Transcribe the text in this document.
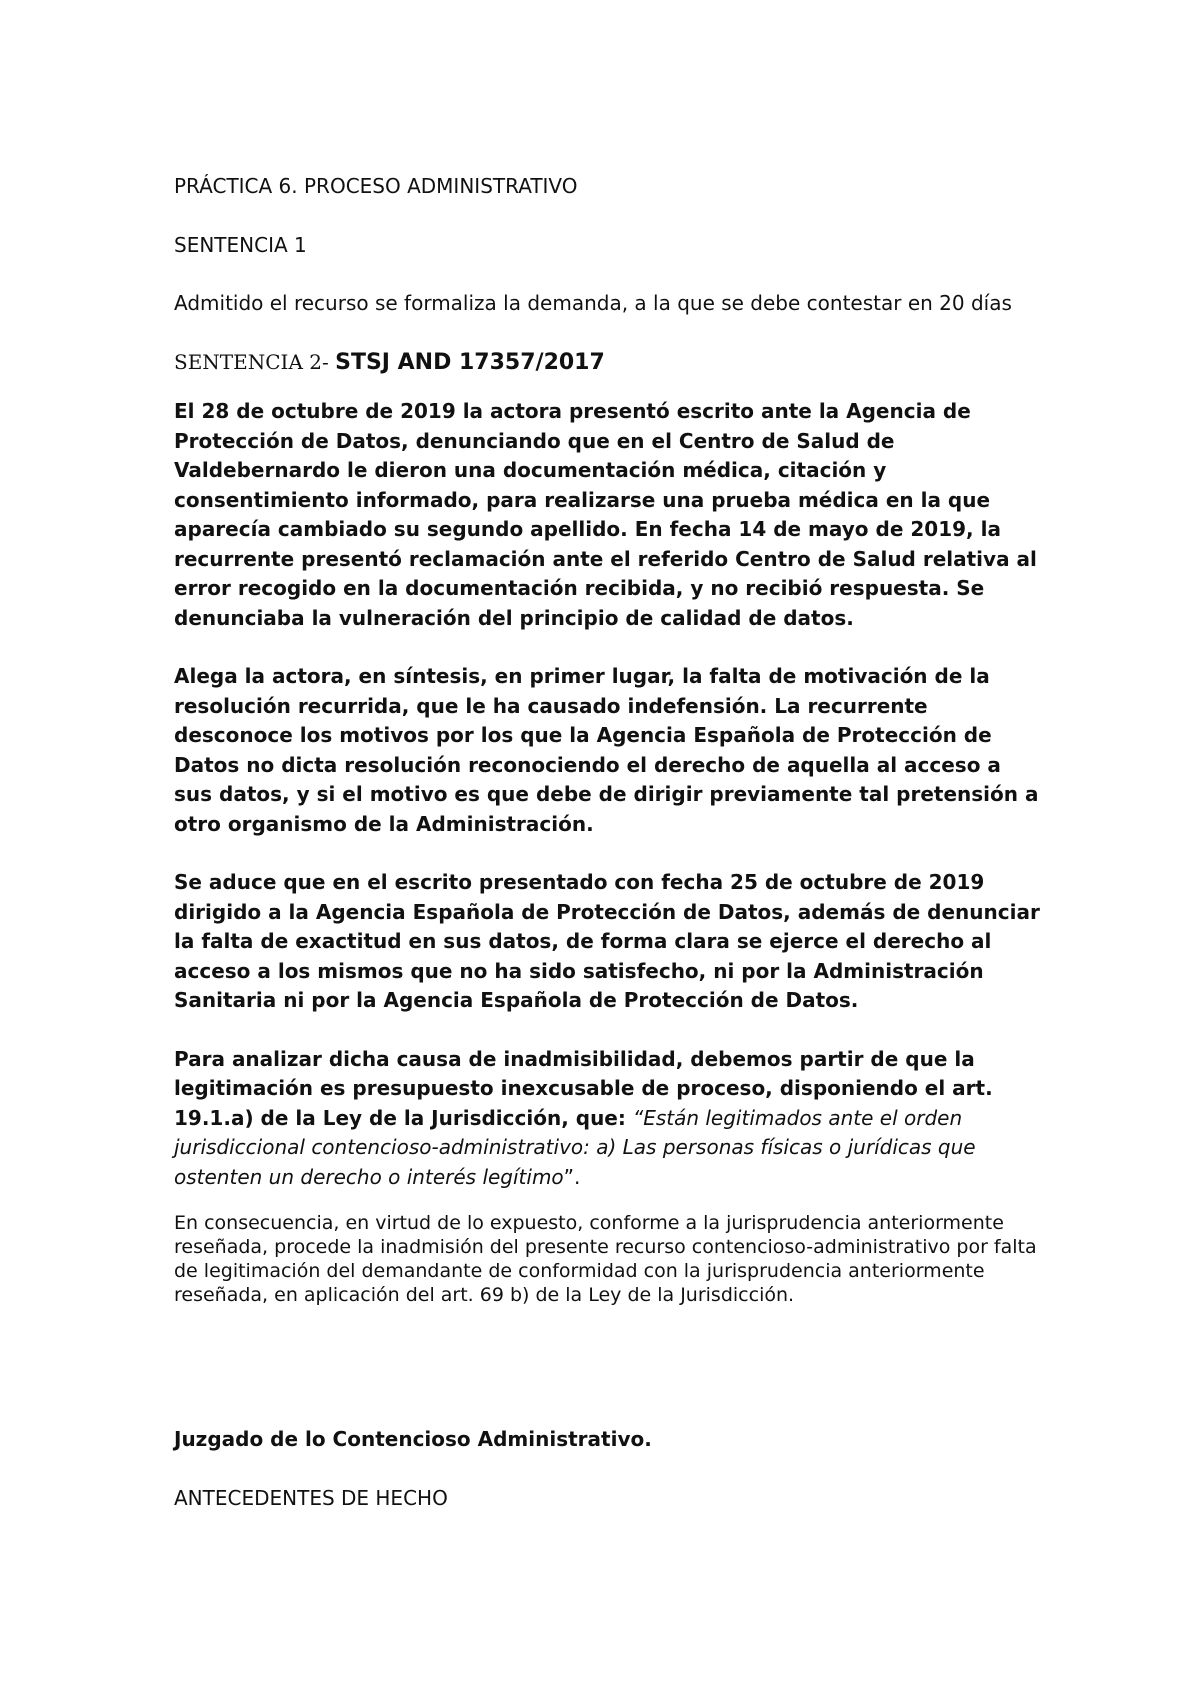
PRÁCTICA 6. PROCESO ADMINISTRATIVO

SENTENCIA 1

Admitido el recurso se formaliza la demanda, a la que se debe contestar en 20 días

SENTENCIA 2- STSJ AND 17357/2017

El 28 de octubre de 2019 la actora presentó escrito ante la Agencia de Protección de Datos, denunciando que en el Centro de Salud de Valdebernardo le dieron una documentación médica, citación y consentimiento informado, para realizarse una prueba médica en la que aparecía cambiado su segundo apellido. En fecha 14 de mayo de 2019, la recurrente presentó reclamación ante el referido Centro de Salud relativa al error recogido en la documentación recibida, y no recibió respuesta. Se denunciaba la vulneración del principio de calidad de datos.

Alega la actora, en síntesis, en primer lugar, la falta de motivación de la resolución recurrida, que le ha causado indefensión. La recurrente desconoce los motivos por los que la Agencia Española de Protección de Datos no dicta resolución reconociendo el derecho de aquella al acceso a sus datos, y si el motivo es que debe de dirigir previamente tal pretensión a otro organismo de la Administración.

Se aduce que en el escrito presentado con fecha 25 de octubre de 2019 dirigido a la Agencia Española de Protección de Datos, además de denunciar la falta de exactitud en sus datos, de forma clara se ejerce el derecho al acceso a los mismos que no ha sido satisfecho, ni por la Administración Sanitaria ni por la Agencia Española de Protección de Datos.

Para analizar dicha causa de inadmisibilidad, debemos partir de que la legitimación es presupuesto inexcusable de proceso, disponiendo el art. 19.1.a) de la Ley de la Jurisdicción, que: “Están legitimados ante el orden jurisdiccional contencioso-administrativo: a) Las personas físicas o jurídicas que ostenten un derecho o interés legítimo”.

En consecuencia, en virtud de lo expuesto, conforme a la jurisprudencia anteriormente reseñada, procede la inadmisión del presente recurso contencioso-administrativo por falta de legitimación del demandante de conformidad con la jurisprudencia anteriormente reseñada, en aplicación del art. 69 b) de la Ley de la Jurisdicción.

Juzgado de lo Contencioso Administrativo.

ANTECEDENTES DE HECHO
